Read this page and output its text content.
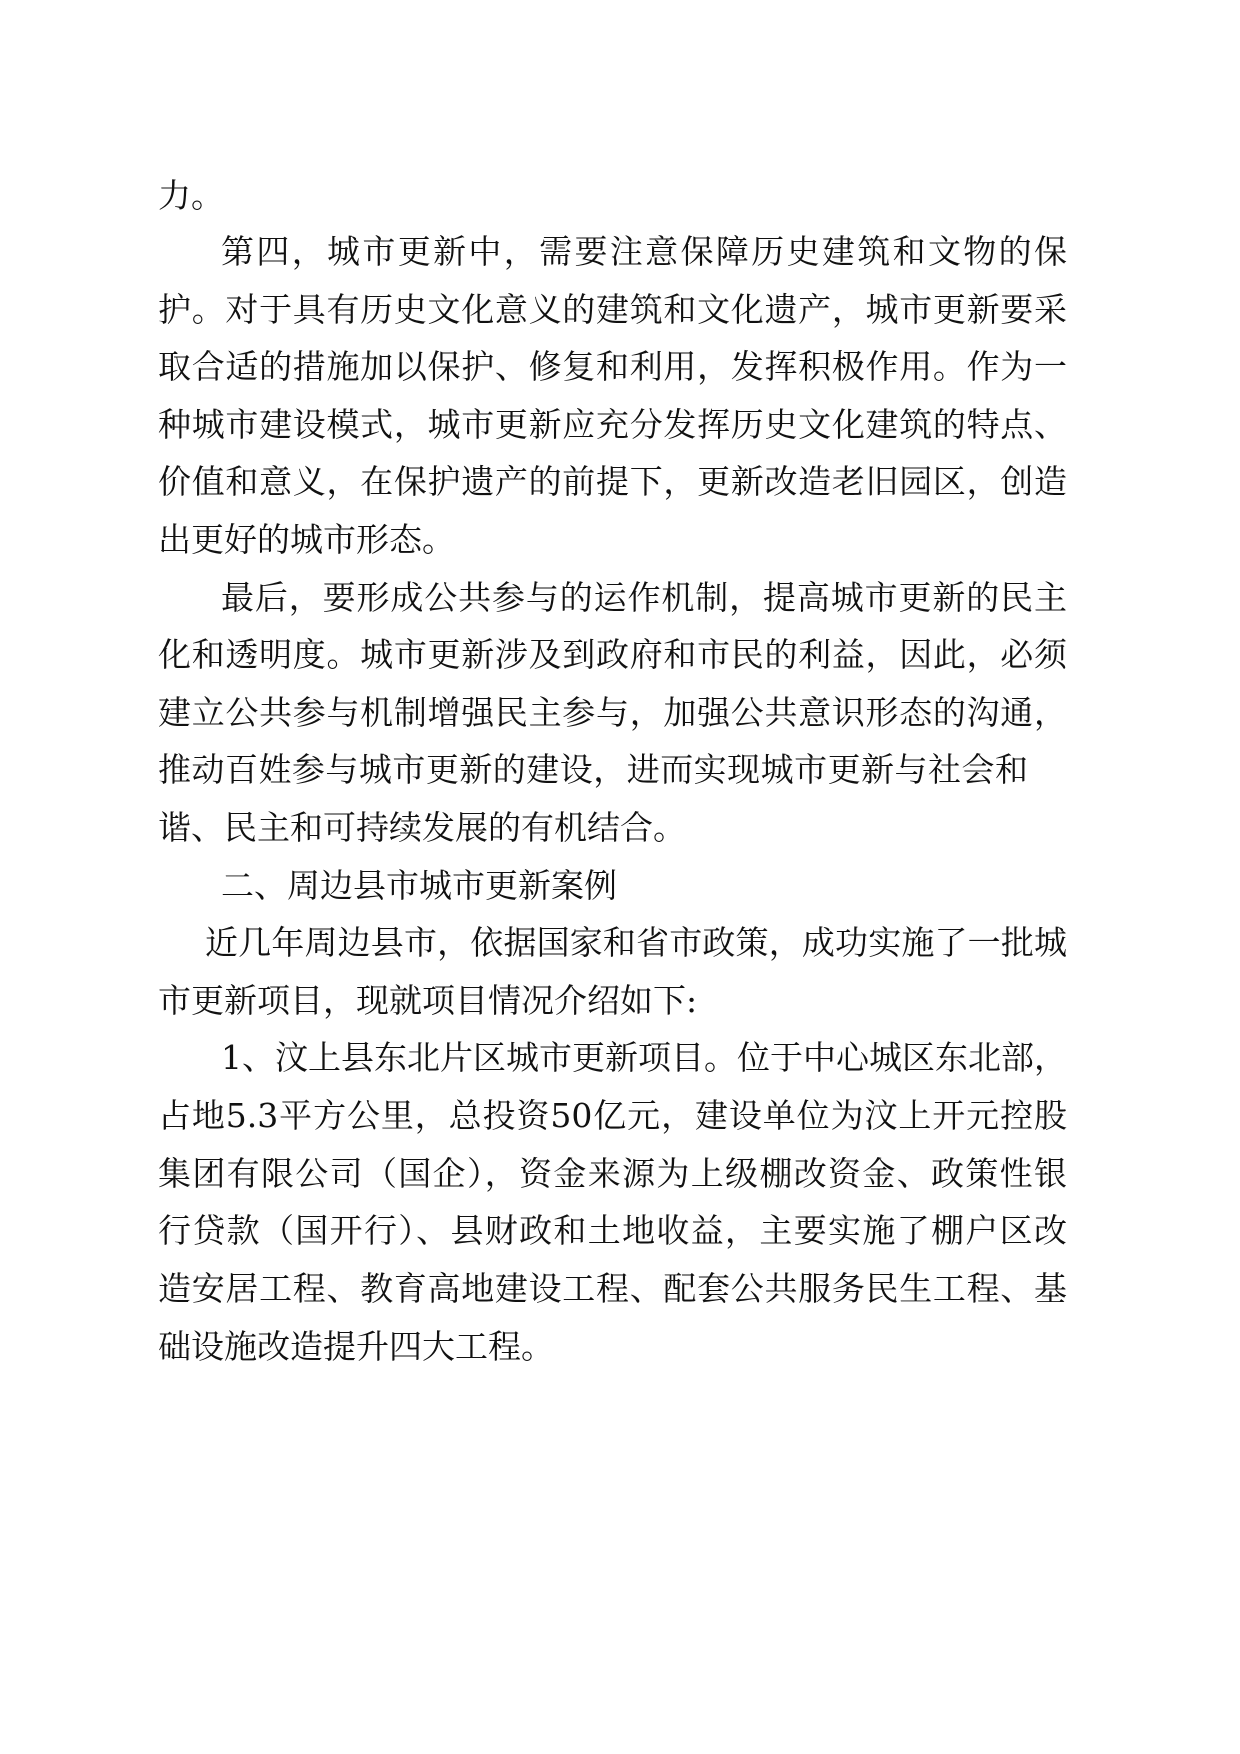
力。
第四，城市更新中，需要注意保障历史建筑和文物的保
护。对于具有历史文化意义的建筑和文化遗产，城市更新要采
取合适的措施加以保护、修复和利用，发挥积极作用。作为一
种城市建设模式，城市更新应充分发挥历史文化建筑的特点、
价值和意义，在保护遗产的前提下，更新改造老旧园区，创造
出更好的城市形态。
最后，要形成公共参与的运作机制，提高城市更新的民主
化和透明度。城市更新涉及到政府和市民的利益，因此，必须
建立公共参与机制增强民主参与，加强公共意识形态的沟通，
推动百姓参与城市更新的建设，进而实现城市更新与社会和
谐、民主和可持续发展的有机结合。
二、周边县市城市更新案例
近几年周边县市，依据国家和省市政策，成功实施了一批城
市更新项目，现就项目情况介绍如下:
1、汶上县东北片区城市更新项目。位于中心城区东北部，
占地5.3平方公里，总投资50亿元，建设单位为汶上开元控股
集团有限公司（国企），资金来源为上级棚改资金、政策性银
行贷款（国开行）、县财政和土地收益，主要实施了棚户区改
造安居工程、教育高地建设工程、配套公共服务民生工程、基
础设施改造提升四大工程。
